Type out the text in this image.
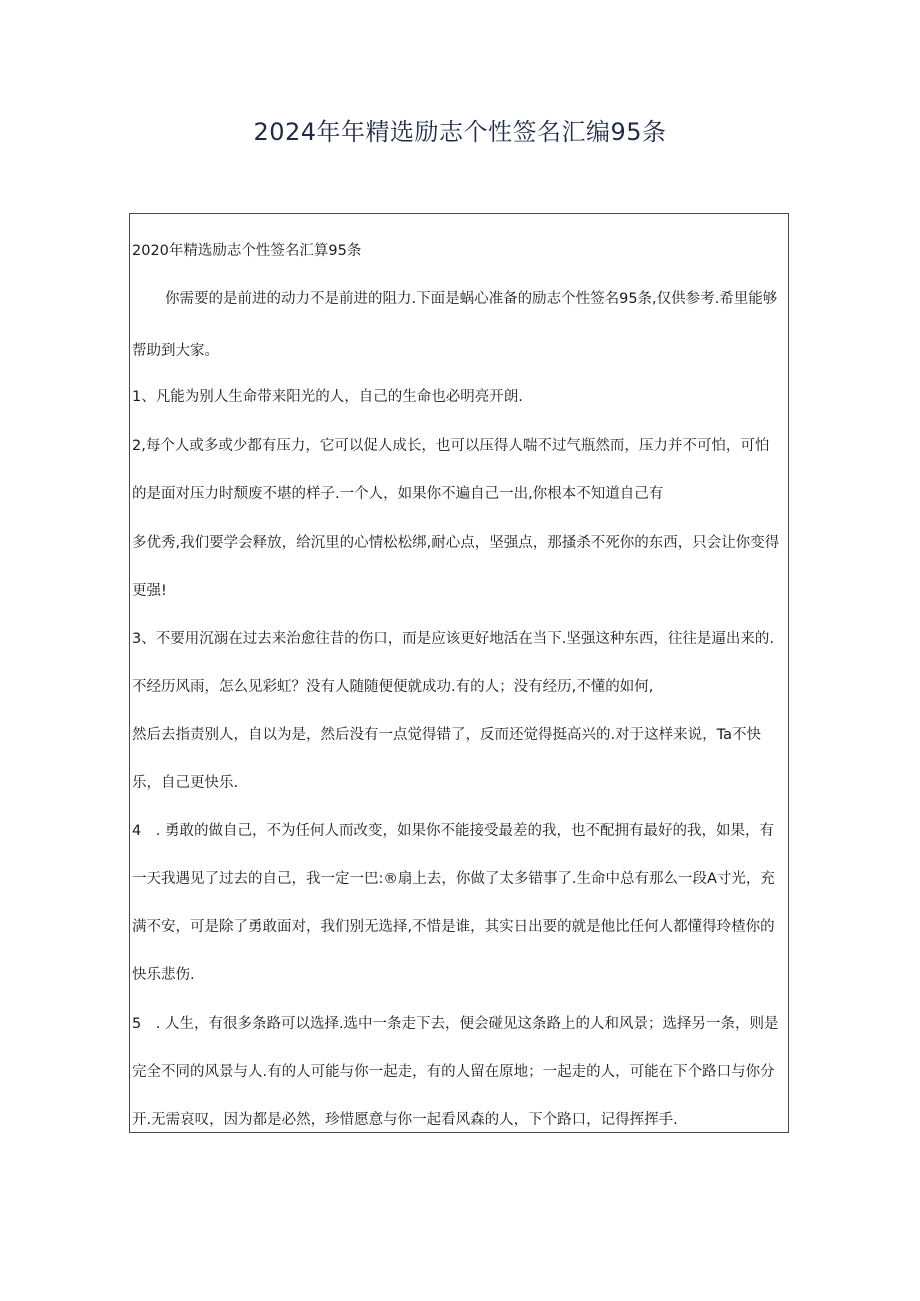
2024年年精选励志个性签名汇编95条
2020年精选励志个性签名汇算95条
你需要的是前进的动力不是前进的阻力.下面是蜗心准备的励志个性签名95条,仅供参考.希里能够
帮助到大家。
1、凡能为别人生命带来阳光的人，自己的生命也必明亮开朗.
2,每个人或多或少都有压力，它可以促人成长，也可以压得人喘不过气瓶然而，压力并不可怕，可怕
的是面对压力时颓废不堪的样子.一个人，如果你不遍自己一出,你根本不知道自己有
多优秀,我们要学会释放，给沉里的心情松松绑,耐心点，坚强点，那搔杀不死你的东西，只会让你变得
更强!
3、不要用沉溺在过去来治愈往昔的伤口，而是应该更好地活在当下.坚强这种东西，往往是逼出来的.
不经历风雨，怎么见彩虹？没有人随随便便就成功.有的人；没有经历,不懂的如何,
然后去指责别人，自以为是，然后没有一点觉得错了，反而还觉得挺高兴的.对于这样来说，Ta不快
乐，自己更快乐.
4　. 勇敢的做自己，不为任何人而改变，如果你不能接受最差的我，也不配拥有最好的我，如果，有
一天我遇见了过去的自己，我一定一巴:®扇上去，你做了太多错事了.生命中总有那么一段A寸光，充
满不安，可是除了勇敢面对，我们别无选择,不惜是谁，其实日出要的就是他比任何人都懂得玲楂你的
快乐悲伤.
5　. 人生，有很多条路可以选择.选中一条走下去，便会碰见这条路上的人和风景；选择另一条，则是
完全不同的风景与人.有的人可能与你一起走，有的人留在原地；一起走的人，可能在下个路口与你分
开.无需哀叹，因为都是必然，珍惜愿意与你一起看风森的人，下个路口，记得挥挥手.
